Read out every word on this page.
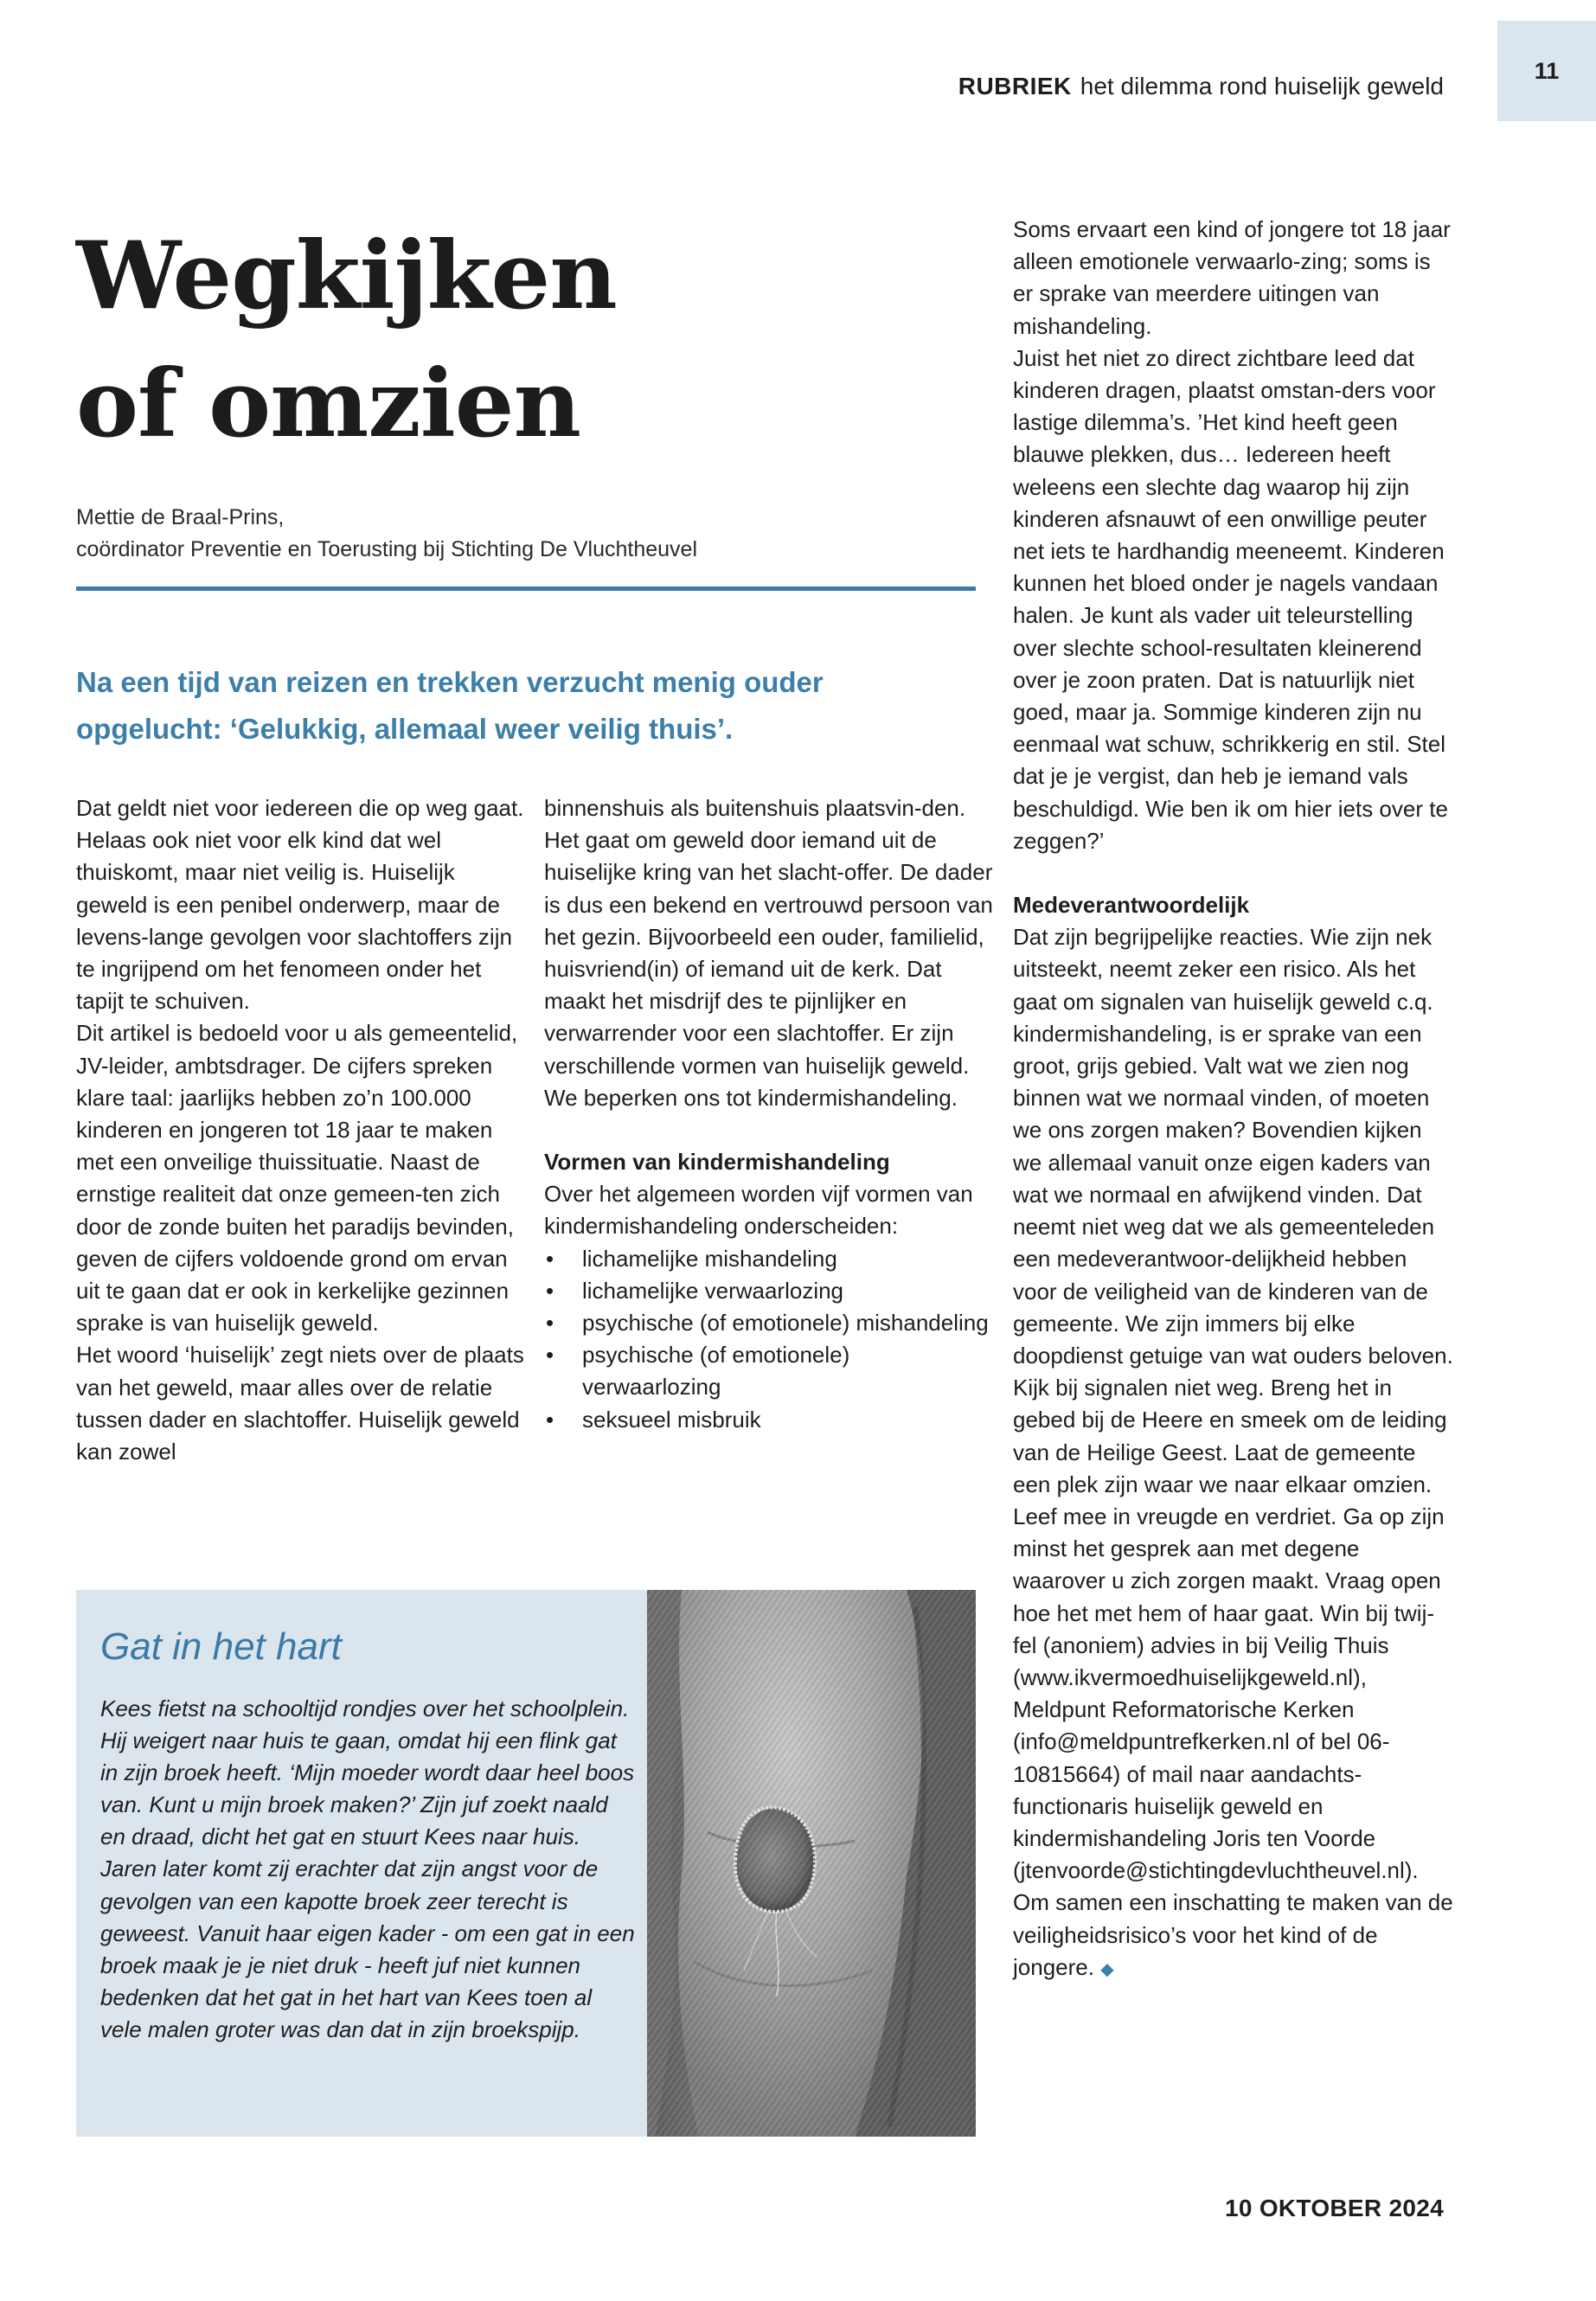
11
RUBRIEK het dilemma rond huiselijk geweld
Wegkijken
of omzien
Mettie de Braal-Prins,
coördinator Preventie en Toerusting bij Stichting De Vluchtheuvel
Na een tijd van reizen en trekken verzucht menig ouder opgelucht: ‘Gelukkig, allemaal weer veilig thuis’.

Dat geldt niet voor iedereen die op weg gaat. Helaas ook niet voor elk kind dat wel thuiskomt, maar niet veilig is. Huiselijk geweld is een penibel onderwerp, maar de levens-lange gevolgen voor slachtoffers zijn te ingrijpend om het fenomeen onder het tapijt te schuiven.

Dit artikel is bedoeld voor u als gemeentelid, JV-leider, ambtsdrager. De cijfers spreken klare taal: jaarlijks hebben zo’n 100.000 kinderen en jongeren tot 18 jaar te maken met een onveilige thuissituatie. Naast de ernstige realiteit dat onze gemeen-ten zich door de zonde buiten het paradijs bevinden, geven de cijfers voldoende grond om ervan uit te gaan dat er ook in kerkelijke gezinnen sprake is van huiselijk geweld.

Het woord ‘huiselijk’ zegt niets over de plaats van het geweld, maar alles over de relatie tussen dader en slachtoffer. Huiselijk geweld kan zowel

binnenshuis als buitenshuis plaatsvin-den. Het gaat om geweld door iemand uit de huiselijke kring van het slacht-offer. De dader is dus een bekend en vertrouwd persoon van het gezin. Bijvoorbeeld een ouder, familielid, huisvriend(in) of iemand uit de kerk. Dat maakt het misdrijf des te pijnlijker en verwarrender voor een slachtoffer. Er zijn verschillende vormen van huiselijk geweld. We beperken ons tot kindermishandeling.

Vormen van kindermishandeling

Over het algemeen worden vijf vormen van kindermishandeling onderscheiden:

• lichamelijke mishandeling
• lichamelijke verwaarlozing
• psychische (of emotionele) mishandeling
• psychische (of emotionele) verwaarlozing
• seksueel misbruik

Soms ervaart een kind of jongere tot 18 jaar alleen emotionele verwaarlo-zing; soms is er sprake van meerdere uitingen van mishandeling.

Juist het niet zo direct zichtbare leed dat kinderen dragen, plaatst omstan-ders voor lastige dilemma’s. ’Het kind heeft geen blauwe plekken, dus… Iedereen heeft weleens een slechte dag waarop hij zijn kinderen afsnauwt of een onwillige peuter net iets te hardhandig meeneemt. Kinderen kunnen het bloed onder je nagels vandaan halen. Je kunt als vader uit teleurstelling over slechte school-resultaten kleinerend over je zoon praten. Dat is natuurlijk niet goed, maar ja. Sommige kinderen zijn nu eenmaal wat schuw, schrikkerig en stil. Stel dat je je vergist, dan heb je iemand vals beschuldigd. Wie ben ik om hier iets over te zeggen?’

Medeverantwoordelijk

Dat zijn begrijpelijke reacties. Wie zijn nek uitsteekt, neemt zeker een risico. Als het gaat om signalen van huiselijk geweld c.q. kindermishandeling, is er sprake van een groot, grijs gebied. Valt wat we zien nog binnen wat we normaal vinden, of moeten we ons zorgen maken? Bovendien kijken we allemaal vanuit onze eigen kaders van wat we normaal en afwijkend vinden. Dat neemt niet weg dat we als gemeenteleden een medeverantwoor-delijkheid hebben voor de veiligheid van de kinderen van de gemeente. We zijn immers bij elke doopdienst getuige van wat ouders beloven.

Kijk bij signalen niet weg. Breng het in gebed bij de Heere en smeek om de leiding van de Heilige Geest. Laat de gemeente een plek zijn waar we naar elkaar omzien. Leef mee in vreugde en verdriet. Ga op zijn minst het gesprek aan met degene waarover u zich zorgen maakt. Vraag open hoe het met hem of haar gaat. Win bij twij-fel (anoniem) advies in bij Veilig Thuis (www.ikvermoedhuiselijkgeweld.nl), Meldpunt Reformatorische Kerken (info@meldpuntrefkerken.nl of bel 06-10815664) of mail naar aandachts-functionaris huiselijk geweld en kindermishandeling Joris ten Voorde (jtenvoorde@stichtingdevluchtheuvel.nl). Om samen een inschatting te maken van de veiligheidsrisico’s voor het kind of de jongere. ◆

Gat in het hart
Kees fietst na schooltijd rondjes over het schoolplein. Hij weigert naar huis te gaan, omdat hij een flink gat in zijn broek heeft. ‘Mijn moeder wordt daar heel boos van. Kunt u mijn broek maken?’ Zijn juf zoekt naald en draad, dicht het gat en stuurt Kees naar huis. Jaren later komt zij erachter dat zijn angst voor de gevolgen van een kapotte broek zeer terecht is geweest. Vanuit haar eigen kader - om een gat in een broek maak je je niet druk - heeft juf niet kunnen bedenken dat het gat in het hart van Kees toen al vele malen groter was dan dat in zijn broekspijp.
10 OKTOBER 2024
